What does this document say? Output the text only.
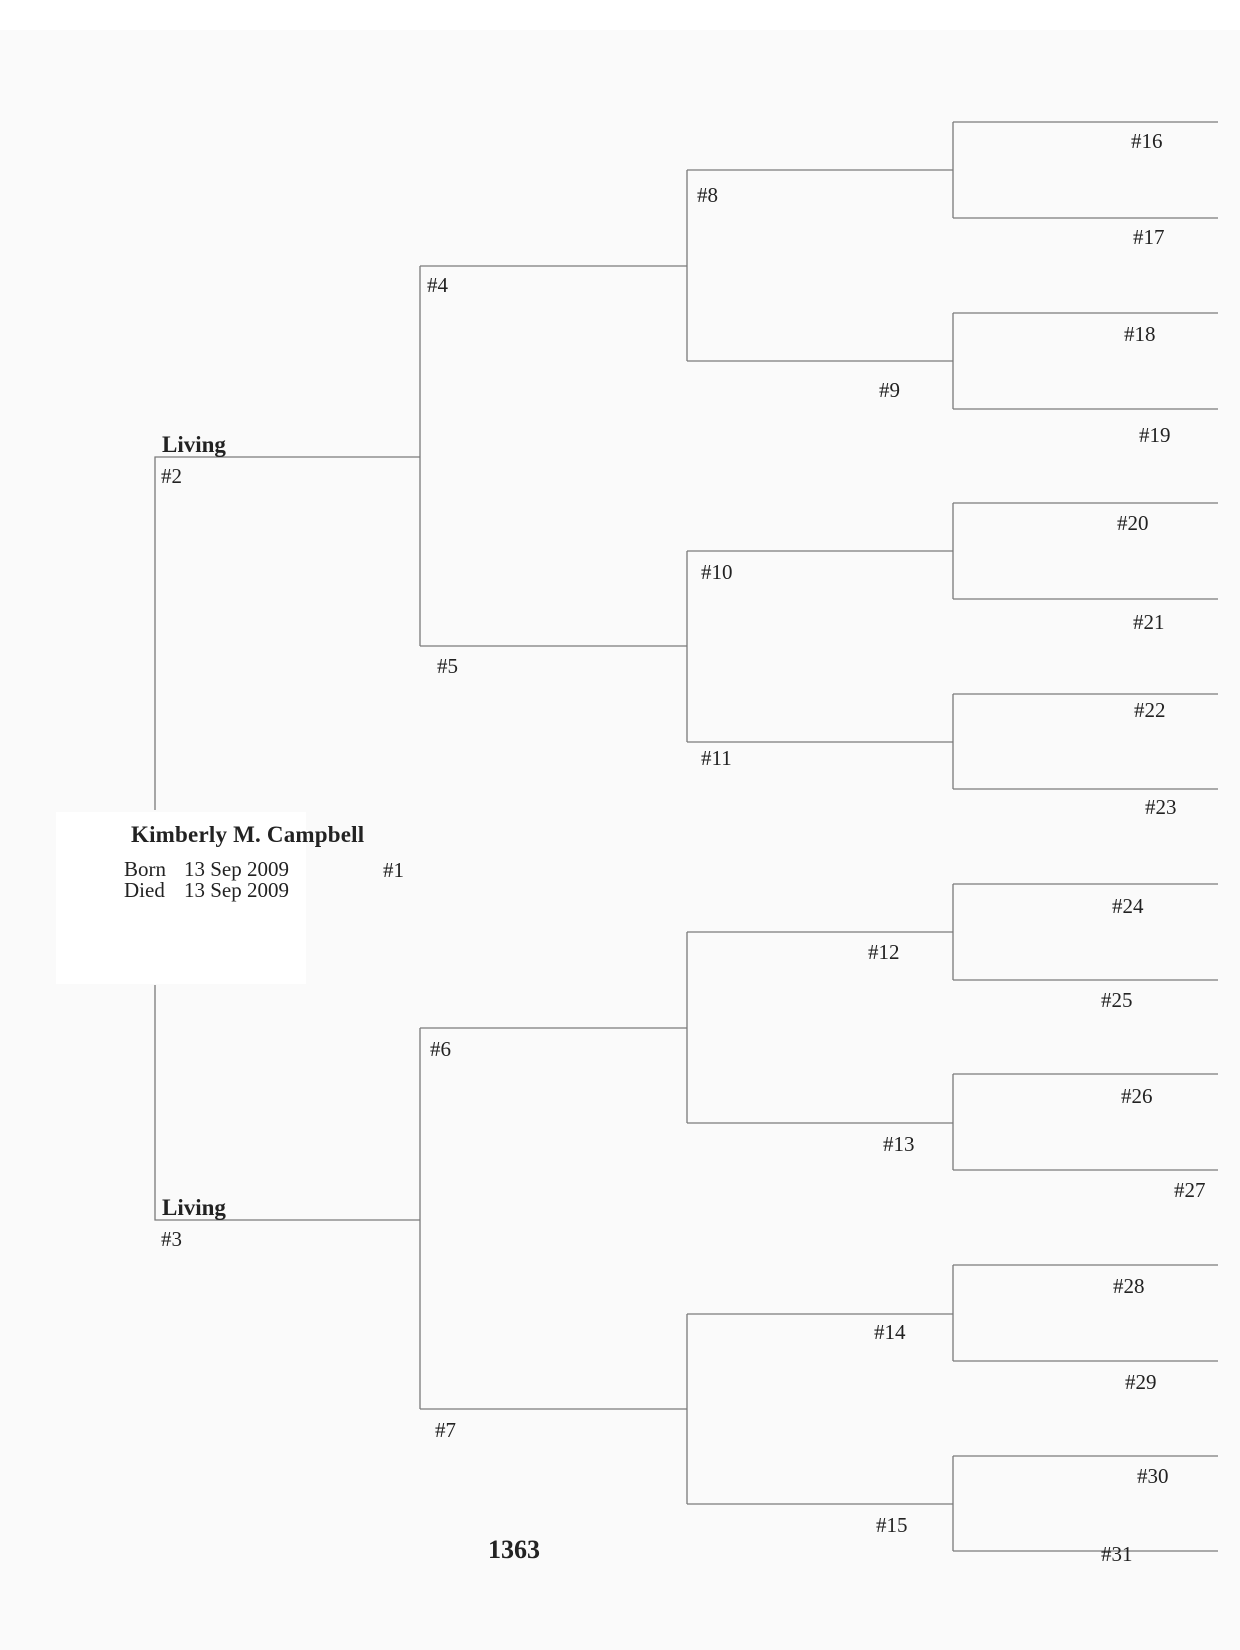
Kimberly M. Campbell
Born 13 Sep 2009
Died 13 Sep 2009
#1
Living
#2
Living
#3
#4
#5
#6
#7
#8
#9
#10
#11
#12
#13
#14
#15
#16
#17
#18
#19
#20
#21
#22
#23
#24
#25
#26
#27
#28
#29
#30
#31
1363
